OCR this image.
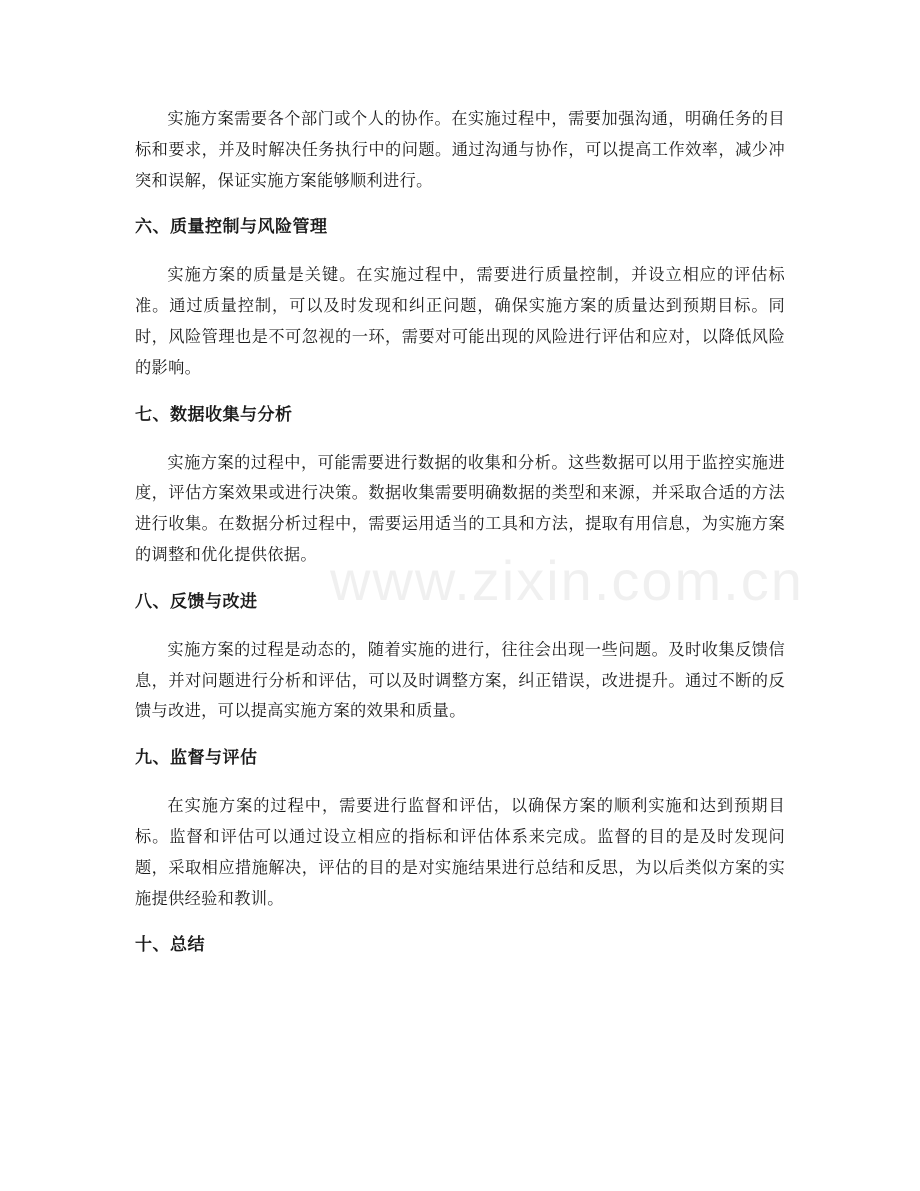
www.zixin.com.cn

实施方案需要各个部门或个人的协作。在实施过程中，需要加强沟通，明确任务的目标和要求，并及时解决任务执行中的问题。通过沟通与协作，可以提高工作效率，减少冲突和误解，保证实施方案能够顺利进行。

六、质量控制与风险管理

实施方案的质量是关键。在实施过程中，需要进行质量控制，并设立相应的评估标准。通过质量控制，可以及时发现和纠正问题，确保实施方案的质量达到预期目标。同时，风险管理也是不可忽视的一环，需要对可能出现的风险进行评估和应对，以降低风险的影响。

七、数据收集与分析

实施方案的过程中，可能需要进行数据的收集和分析。这些数据可以用于监控实施进度，评估方案效果或进行决策。数据收集需要明确数据的类型和来源，并采取合适的方法进行收集。在数据分析过程中，需要运用适当的工具和方法，提取有用信息，为实施方案的调整和优化提供依据。

八、反馈与改进

实施方案的过程是动态的，随着实施的进行，往往会出现一些问题。及时收集反馈信息，并对问题进行分析和评估，可以及时调整方案，纠正错误，改进提升。通过不断的反馈与改进，可以提高实施方案的效果和质量。

九、监督与评估

在实施方案的过程中，需要进行监督和评估，以确保方案的顺利实施和达到预期目标。监督和评估可以通过设立相应的指标和评估体系来完成。监督的目的是及时发现问题，采取相应措施解决，评估的目的是对实施结果进行总结和反思，为以后类似方案的实施提供经验和教训。

十、总结
